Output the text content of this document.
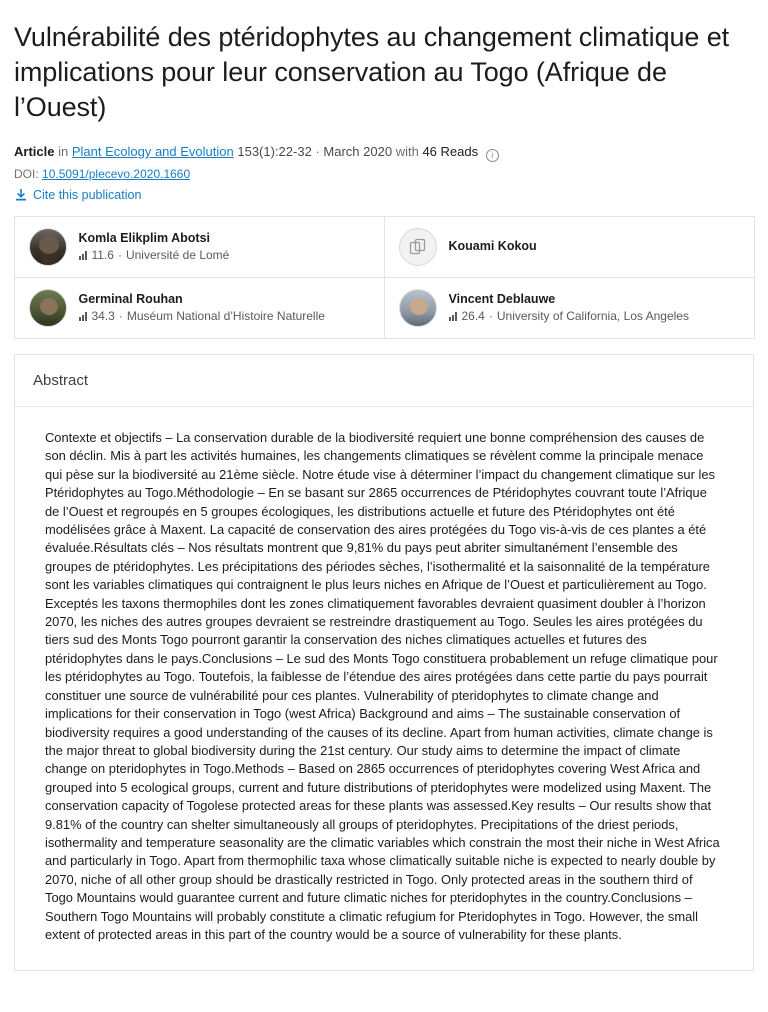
Vulnérabilité des ptéridophytes au changement climatique et implications pour leur conservation au Togo (Afrique de l’Ouest)
Article in Plant Ecology and Evolution 153(1):22-32 · March 2020 with 46 Reads i
DOI: 10.5091/plecevo.2020.1660
Cite this publication
Komla Elikplim Abotsi
11.6 · Université de Lomé
Kouami Kokou
Germinal Rouhan
34.3 · Muséum National d’Histoire Naturelle
Vincent Deblauwe
26.4 · University of California, Los Angeles
Abstract
Contexte et objectifs – La conservation durable de la biodiversité requiert une bonne compréhension des causes de son déclin. Mis à part les activités humaines, les changements climatiques se révèlent comme la principale menace qui pèse sur la biodiversité au 21ème siècle. Notre étude vise à déterminer l’impact du changement climatique sur les Ptéridophytes au Togo.Méthodologie – En se basant sur 2865 occurrences de Ptéridophytes couvrant toute l’Afrique de l’Ouest et regroupés en 5 groupes écologiques, les distributions actuelle et future des Ptéridophytes ont été modélisées grâce à Maxent. La capacité de conservation des aires protégées du Togo vis-à-vis de ces plantes a été évaluée.Résultats clés – Nos résultats montrent que 9,81% du pays peut abriter simultanément l’ensemble des groupes de ptéridophytes. Les précipitations des périodes sèches, l’isothermalité et la saisonnalité de la température sont les variables climatiques qui contraignent le plus leurs niches en Afrique de l’Ouest et particulièrement au Togo. Exceptés les taxons thermophiles dont les zones climatiquement favorables devraient quasiment doubler à l’horizon 2070, les niches des autres groupes devraient se restreindre drastiquement au Togo. Seules les aires protégées du tiers sud des Monts Togo pourront garantir la conservation des niches climatiques actuelles et futures des ptéridophytes dans le pays.Conclusions – Le sud des Monts Togo constituera probablement un refuge climatique pour les ptéridophytes au Togo. Toutefois, la faiblesse de l’étendue des aires protégées dans cette partie du pays pourrait constituer une source de vulnérabilité pour ces plantes. Vulnerability of pteridophytes to climate change and implications for their conservation in Togo (west Africa) Background and aims – The sustainable conservation of biodiversity requires a good understanding of the causes of its decline. Apart from human activities, climate change is the major threat to global biodiversity during the 21st century. Our study aims to determine the impact of climate change on pteridophytes in Togo.Methods – Based on 2865 occurrences of pteridophytes covering West Africa and grouped into 5 ecological groups, current and future distributions of pteridophytes were modelized using Maxent. The conservation capacity of Togolese protected areas for these plants was assessed.Key results – Our results show that 9.81% of the country can shelter simultaneously all groups of pteridophytes. Precipitations of the driest periods, isothermality and temperature seasonality are the climatic variables which constrain the most their niche in West Africa and particularly in Togo. Apart from thermophilic taxa whose climatically suitable niche is expected to nearly double by 2070, niche of all other group should be drastically restricted in Togo. Only protected areas in the southern third of Togo Mountains would guarantee current and future climatic niches for pteridophytes in the country.Conclusions – Southern Togo Mountains will probably constitute a climatic refugium for Pteridophytes in Togo. However, the small extent of protected areas in this part of the country would be a source of vulnerability for these plants.
